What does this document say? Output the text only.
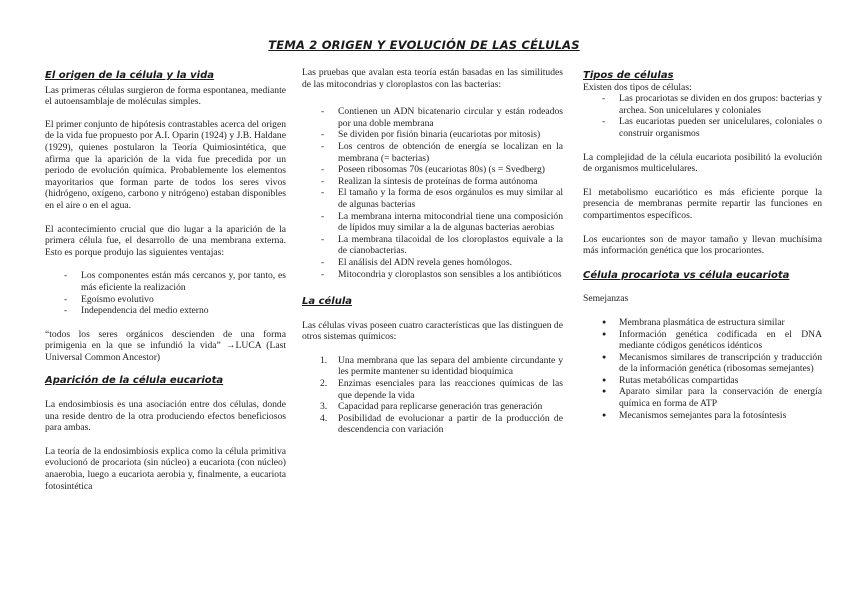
TEMA 2 ORIGEN Y EVOLUCIÓN DE LAS CÉLULAS
El origen de la célula y la vida

Las primeras células surgieron de forma espontanea, mediante el autoensamblaje de moléculas simples.

El primer conjunto de hipótesis contrastables acerca del origen de la vida fue propuesto por A.I. Oparin (1924) y J.B. Haldane (1929), quienes postularon la Teoría Quimiosintética, que afirma que la aparición de la vida fue precedida por un periodo de evolución química. Probablemente los elementos mayoritarios que forman parte de todos los seres vivos (hidrógeno, oxígeno, carbono y nitrógeno) estaban disponibles en el aire o en el agua.

El acontecimiento crucial que dio lugar a la aparición de la primera célula fue, el desarrollo de una membrana externa. Esto es porque produjo las siguientes ventajas:

- Los componentes están más cercanos y, por tanto, es más eficiente la realización
- Egoísmo evolutivo
- Independencia del medio externo

“todos los seres orgánicos descienden de una forma primigenia en la que se infundió la vida” →LUCA (Last Universal Common Ancestor)

Aparición de la célula eucariota

La endosimbiosis es una asociación entre dos células, donde una reside dentro de la otra produciendo efectos beneficiosos para ambas.

La teoría de la endosimbiosis explica como la célula primitiva evolucionó de procariota (sin núcleo) a eucariota (con núcleo) anaerobia, luego a eucariota aerobia y, finalmente, a eucariota fotosintética

Las pruebas que avalan esta teoría están basadas en las similitudes de las mitocondrias y cloroplastos con las bacterias:

- Contienen un ADN bicatenario circular y están rodeados por una doble membrana
- Se dividen por fisión binaria (eucariotas por mitosis)
- Los centros de obtención de energía se localizan en la membrana (= bacterias)
- Poseen ribosomas 70s (eucariotas 80s) (s = Svedberg)
- Realizan la síntesis de proteínas de forma autónoma
- El tamaño y la forma de esos orgánulos es muy similar al de algunas bacterias
- La membrana interna mitocondrial tiene una composición de lípidos muy similar a la de algunas bacterias aerobias
- La membrana tilacoidal de los cloroplastos equivale a la de cianobacterias.
- El análisis del ADN revela genes homólogos.
- Mitocondria y cloroplastos son sensibles a los antibióticos
La célula

Las células vivas poseen cuatro características que las distinguen de otros sistemas químicos:

1. Una membrana que las separa del ambiente circundante y les permite mantener su identidad bioquímica
2. Enzimas esenciales para las reacciones químicas de las que depende la vida
3. Capacidad para replicarse generación tras generación
4. Posibilidad de evolucionar a partir de la producción de descendencia con variación
Tipos de células

Existen dos tipos de células:

- Las procariotas se dividen en dos grupos: bacterias y archea. Son unicelulares y coloniales
- Las eucariotas pueden ser unicelulares, coloniales o construir organismos

La complejidad de la célula eucariota posibilitó la evolución de organismos multicelulares.

El metabolismo eucariótico es más eficiente porque la presencia de membranas permite repartir las funciones en compartimentos específicos.

Los eucariontes son de mayor tamaño y llevan muchísima más información genética que los procariontes.

Célula procariota vs célula eucariota

Semejanzas

● Membrana plasmática de estructura similar
● Información genética codificada en el DNA mediante códigos genéticos idénticos
● Mecanismos similares de transcripción y traducción de la información genética (ribosomas semejantes)
● Rutas metabólicas compartidas
● Aparato similar para la conservación de energía química en forma de ATP
● Mecanismos semejantes para la fotosíntesis
